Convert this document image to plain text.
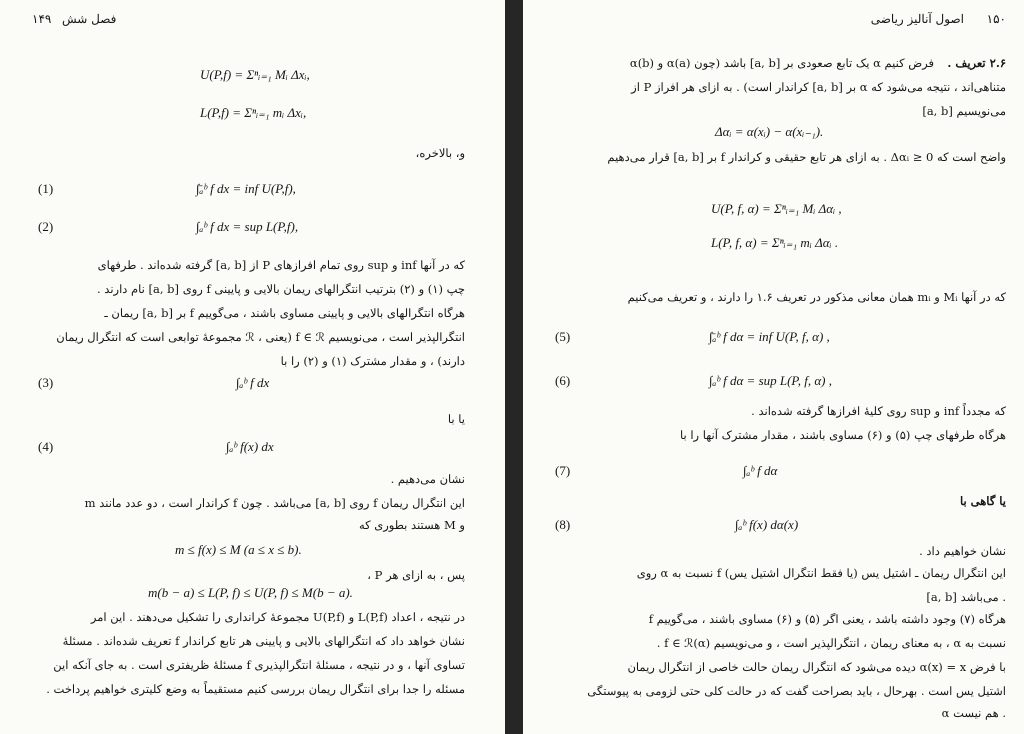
۱۴۹ فصل شش
U(P,f) = Σⁿᵢ₌₁ Mᵢ Δxᵢ,
L(P,f) = Σⁿᵢ₌₁ mᵢ Δxᵢ,
و، بالاخره،
(1)	∫̄ₐᵇ f dx = inf U(P,f),
(2)	∫ₐᵇ f dx = sup L(P,f),
که در آنها inf و sup روی تمام افرازهای P از [a, b] گرفته شده‌اند . طرفهای
چپ (۱) و (۲) بترتیب انتگرالهای ریمان بالایی و پایینی f روی [a, b] نام دارند .
هرگاه انتگرالهای بالایی و پایینی مساوی باشند ، می‌گوییم f بر [a, b] ریمان ـ
انتگرالپذیر است ، می‌نویسیم f ∈ ℛ (یعنی ، ℛ مجموعهٔ توابعی است که انتگرال ریمان
دارند) ، و مقدار مشترک (۱) و (۲) را با
(3)	∫ₐᵇ f dx
یا با
(4)	∫ₐᵇ f(x) dx
نشان می‌دهیم .
این انتگرال ریمان f روی [a, b] می‌باشد . چون f کراندار است ، دو عدد مانند m
و M هستند بطوری که
m ≤ f(x) ≤ M (a ≤ x ≤ b).
پس ، به ازای هر P ،
m(b − a) ≤ L(P, f) ≤ U(P, f) ≤ M(b − a).
در نتیجه ، اعداد L(P,f) و U(P,f) مجموعهٔ کرانداری را تشکیل می‌دهند . این امر
نشان خواهد داد که انتگرالهای بالایی و پایینی هر تابع کراندار f تعریف شده‌اند . مسئلهٔ
تساوی آنها ، و در نتیجه ، مسئلهٔ انتگرالپذیری f مسئلهٔ ظریفتری است . به جای آنکه این
مسئله را جدا برای انتگرال ریمان بررسی کنیم مستقیماً به وضع کلیتری خواهیم پرداخت .
اصول آنالیز ریاضی ۱۵۰
۲.۶ تعریف .
فرض کنیم α یک تابع صعودی بر [a, b] باشد (چون α(a) و α(b)
متناهی‌اند ، نتیجه می‌شود که α بر [a, b] کراندار است) . به ازای هر افراز P از
[a, b] می‌نویسیم
Δαᵢ = α(xᵢ) − α(xᵢ₋₁).
واضح است که Δαᵢ ≥ 0 . به ازای هر تابع حقیقی و کراندار f بر [a, b] قرار می‌دهیم
U(P, f, α) = Σⁿᵢ₌₁ Mᵢ Δαᵢ ,
L(P, f, α) = Σⁿᵢ₌₁ mᵢ Δαᵢ .
که در آنها Mᵢ و mᵢ همان معانی مذکور در تعریف ۱.۶ را دارند ، و تعریف می‌کنیم
(5)	∫̄ₐᵇ f dα = inf U(P, f, α) ,
(6)	∫ₐᵇ f dα = sup L(P, f, α) ,
که مجدداً inf و sup روی کلیهٔ افرازها گرفته شده‌اند .
هرگاه طرفهای چپ (۵) و (۶) مساوی باشند ، مقدار مشترک آنها را با
(7)	∫ₐᵇ f dα
یا گاهی با
(8)	∫ₐᵇ f(x) dα(x)
نشان خواهیم داد .
این انتگرال ریمان ـ اشتیل یس (یا فقط انتگرال اشتیل یس) f نسبت به α روی
[a, b] می‌باشد .
هرگاه (۷) وجود داشته باشد ، یعنی اگر (۵) و (۶) مساوی باشند ، می‌گوییم f
نسبت به α ، به معنای ریمان ، انتگرالپذیر است ، و می‌نویسیم f ∈ ℛ(α) .
با فرض α(x) = x دیده می‌شود که انتگرال ریمان حالت خاصی از انتگرال ریمان
اشتیل یس است . بهرحال ، باید بصراحت گفت که در حالت کلی حتی لزومی به پیوستگی
α هم نیست .
